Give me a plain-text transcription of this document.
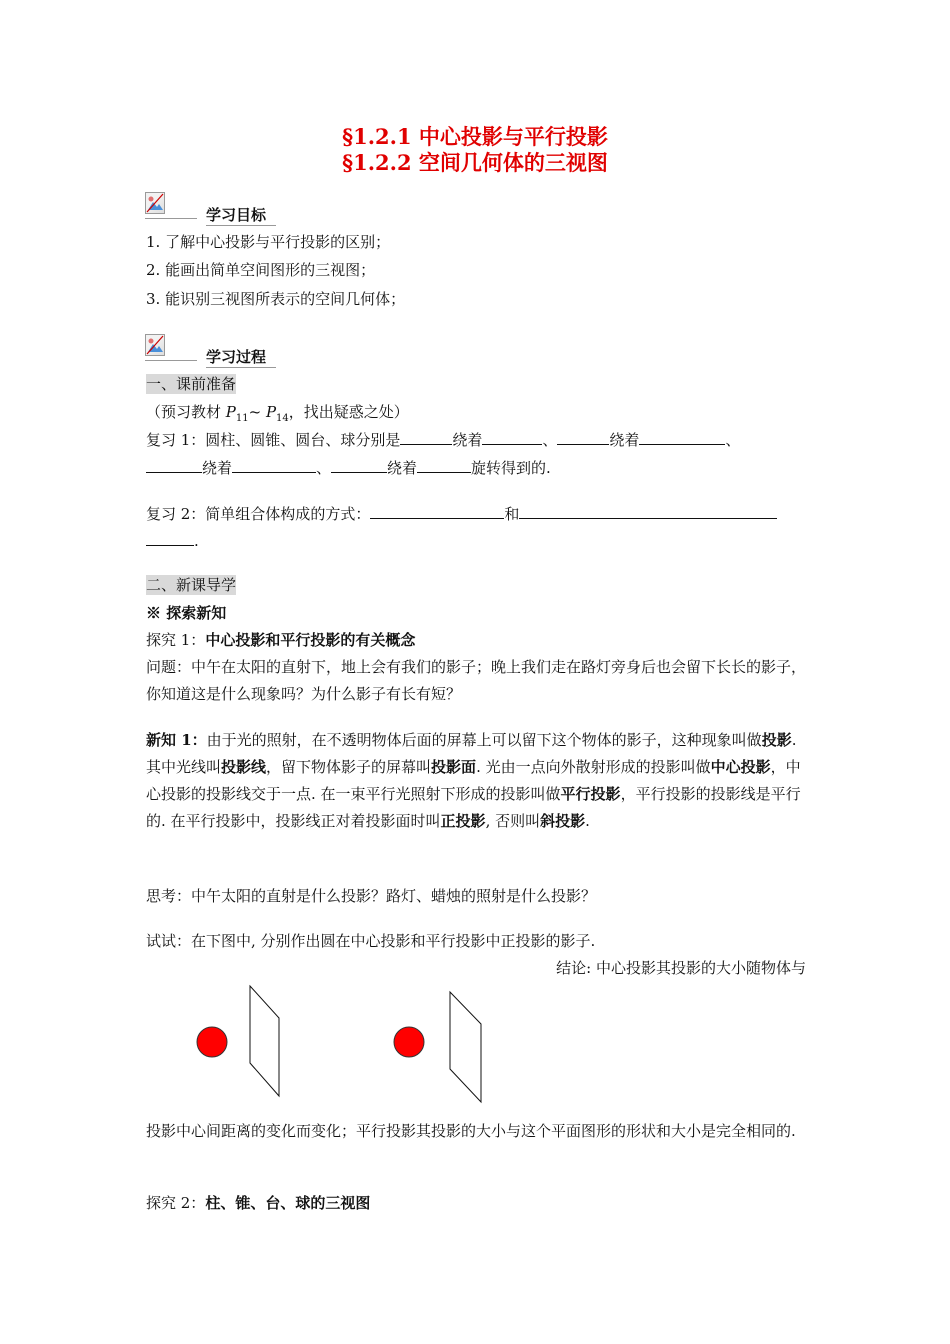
§1.2.1 中心投影与平行投影
§1.2.2 空间几何体的三视图
学习目标
1. 了解中心投影与平行投影的区别；
2. 能画出简单空间图形的三视图；
3. 能识别三视图所表示的空间几何体；
学习过程
一、课前准备
（预习教材 $P_{11}\sim$ $P_{14}$，找出疑惑之处）
复习 1：圆柱、圆锥、圆台、球分别是	绕着	、	绕着	、
绕着	、	绕着	旋转得到的.
复习 2：简单组合体构成的方式：	和
.
二、新课导学
※ 探索新知
探究 1：中心投影和平行投影的有关概念
问题：中午在太阳的直射下，地上会有我们的影子；晚上我们走在路灯旁身后也会留下长长的影子，你知道这是什么现象吗？为什么影子有长有短？
新知 1：由于光的照射，在不透明物体后面的屏幕上可以留下这个物体的影子，这种现象叫做投影. 其中光线叫投影线，留下物体影子的屏幕叫投影面. 光由一点向外散射形成的投影叫做中心投影，中心投影的投影线交于一点. 在一束平行光照射下形成的投影叫做平行投影，平行投影的投影线是平行的. 在平行投影中，投影线正对着投影面时叫正投影, 否则叫斜投影.
思考：中午太阳的直射是什么投影？路灯、蜡烛的照射是什么投影？
试试：在下图中, 分别作出圆在中心投影和平行投影中正投影的影子.
结论: 中心投影其投影的大小随物体与
投影中心间距离的变化而变化；平行投影其投影的大小与这个平面图形的形状和大小是完全相同的.
探究 2：柱、锥、台、球的三视图
